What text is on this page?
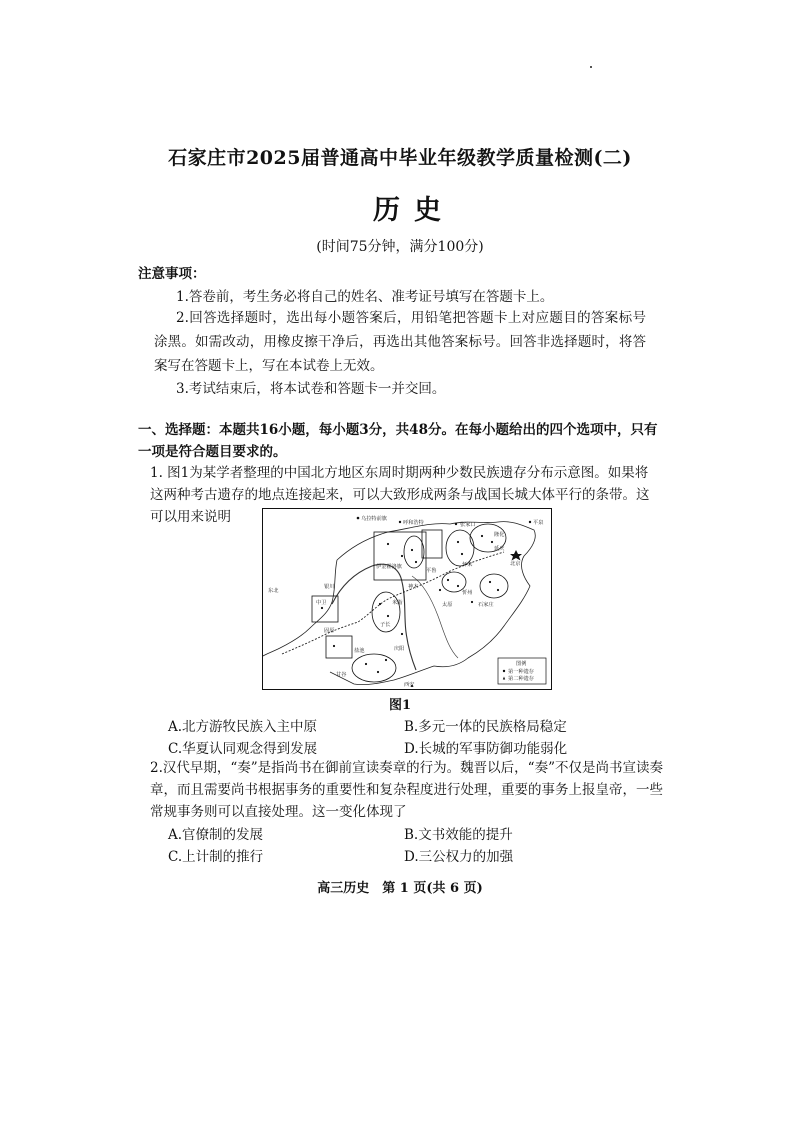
石家庄市2025届普通高中毕业年级教学质量检测(二)
历史
(时间75分钟，满分100分)
注意事项：
1.答卷前，考生务必将自己的姓名、准考证号填写在答题卡上。
2.回答选择题时，选出每小题答案后，用铅笔把答题卡上对应题目的答案标号涂黑。如需改动，用橡皮擦干净后，再选出其他答案标号。回答非选择题时，将答案写在答题卡上，写在本试卷上无效。
3.考试结束后，将本试卷和答题卡一并交回。
一、选择题：本题共16小题，每小题3分，共48分。在每小题给出的四个选项中，只有一项是符合题目要求的。
1. 图1为某学者整理的中国北方地区东周时期两种少数民族遗存分布示意图。如果将这两种考古遗存的地点连接起来，可以大致形成两条与战国长城大体平行的条带。这可以用来说明	乌拉特前旗
呼和浩特	张家口	平泉
隆化
北京
银川
伊金霍洛旗
太原	石家庄
庆阳
固原
西安
甘谷
延庆
怀来
中卫	米脂
神木
子长
盐池
平鲁
忻州
东北
图例
第一种遗存
第二种遗存
图1
A.北方游牧民族入主中原	B.多元一体的民族格局稳定
C.华夏认同观念得到发展	D.长城的军事防御功能弱化
2.汉代早期，“奏”是指尚书在御前宣读奏章的行为。魏晋以后，“奏”不仅是尚书宣读奏章，而且需要尚书根据事务的重要性和复杂程度进行处理，重要的事务上报皇帝，一些常规事务则可以直接处理。这一变化体现了
A.官僚制的发展	B.文书效能的提升
C.上计制的推行	D.三公权力的加强
高三历史　第 1 页(共 6 页)
